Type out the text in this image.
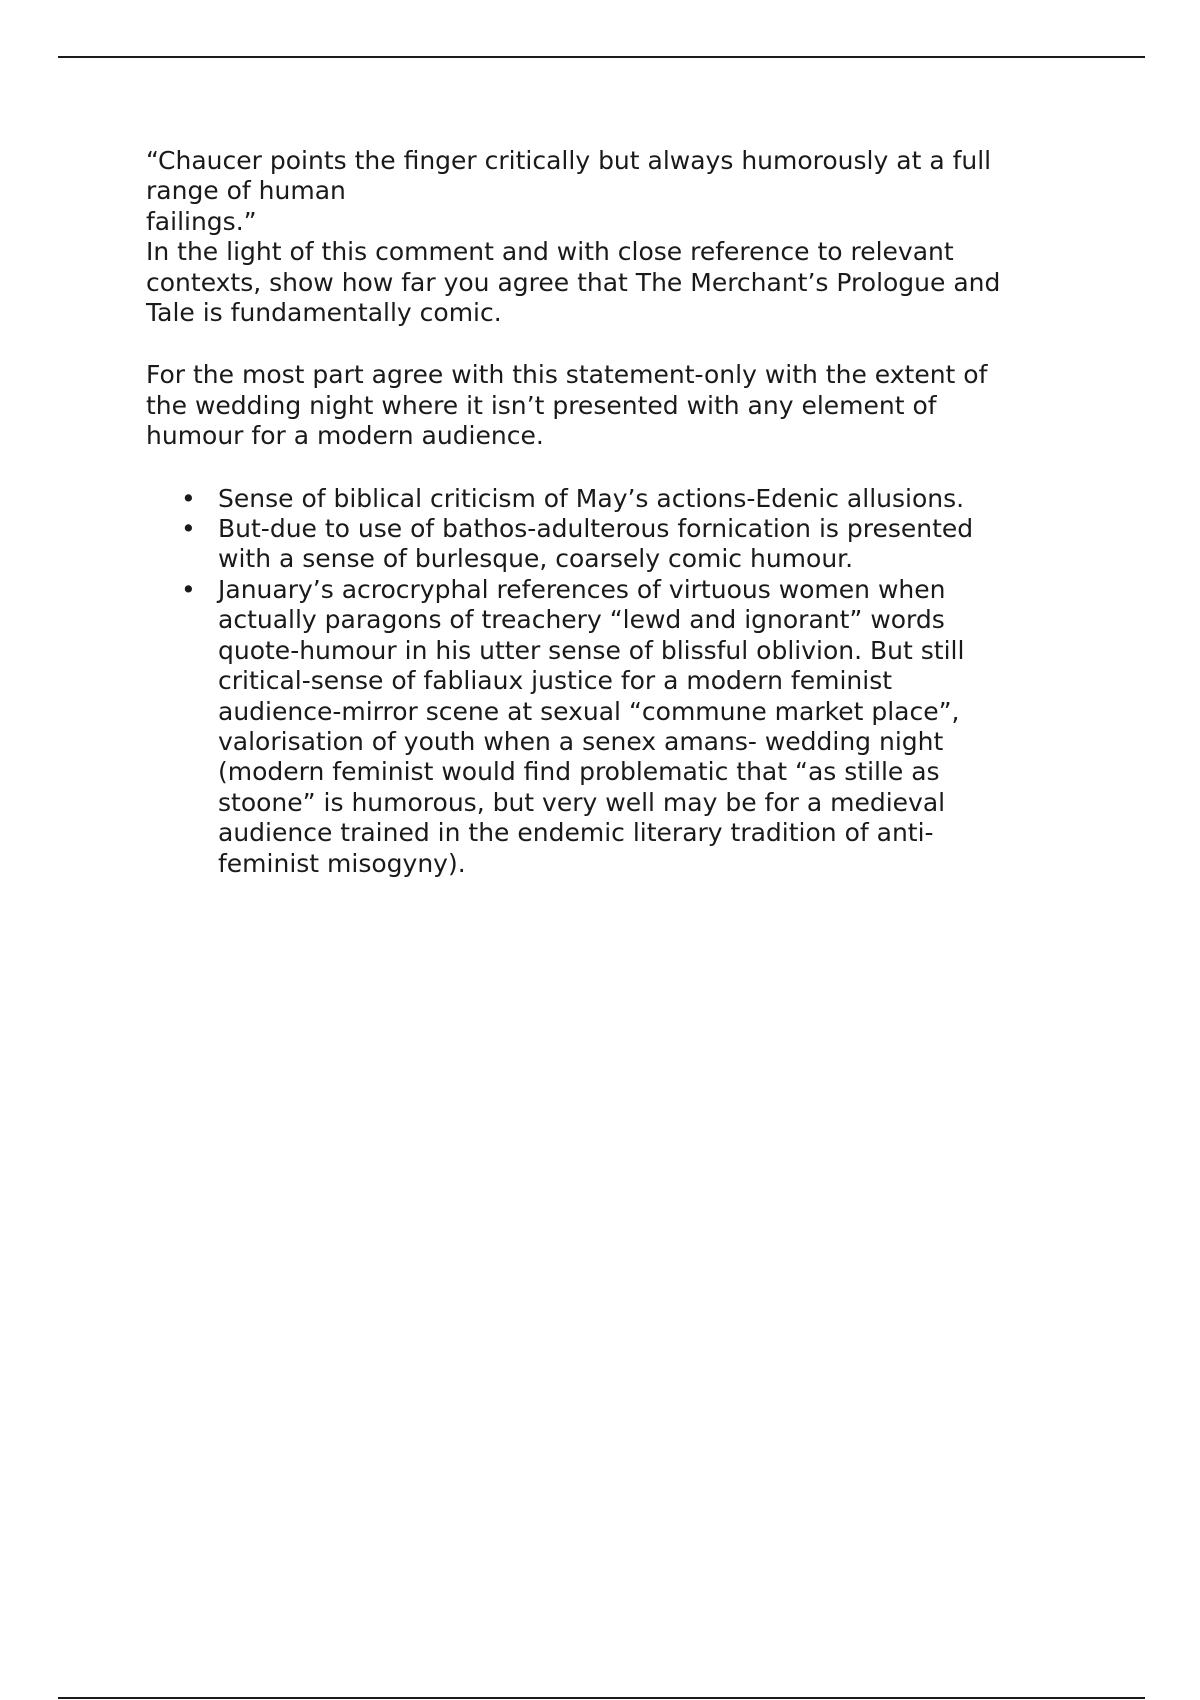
“Chaucer points the finger critically but always humorously at a full
range of human
failings.”

In the light of this comment and with close reference to relevant
contexts, show how far you agree that The Merchant’s Prologue and
Tale is fundamentally comic.

For the most part agree with this statement-only with the extent of
the wedding night where it isn’t presented with any element of
humour for a modern audience.

• Sense of biblical criticism of May’s actions-Edenic allusions.
• But-due to use of bathos-adulterous fornication is presented
with a sense of burlesque, coarsely comic humour.
• January’s acrocryphal references of virtuous women when
actually paragons of treachery “lewd and ignorant” words
quote-humour in his utter sense of blissful oblivion. But still
critical-sense of fabliaux justice for a modern feminist
audience-mirror scene at sexual “commune market place”,
valorisation of youth when a senex amans- wedding night
(modern feminist would find problematic that “as stille as
stoone” is humorous, but very well may be for a medieval
audience trained in the endemic literary tradition of anti-
feminist misogyny).
